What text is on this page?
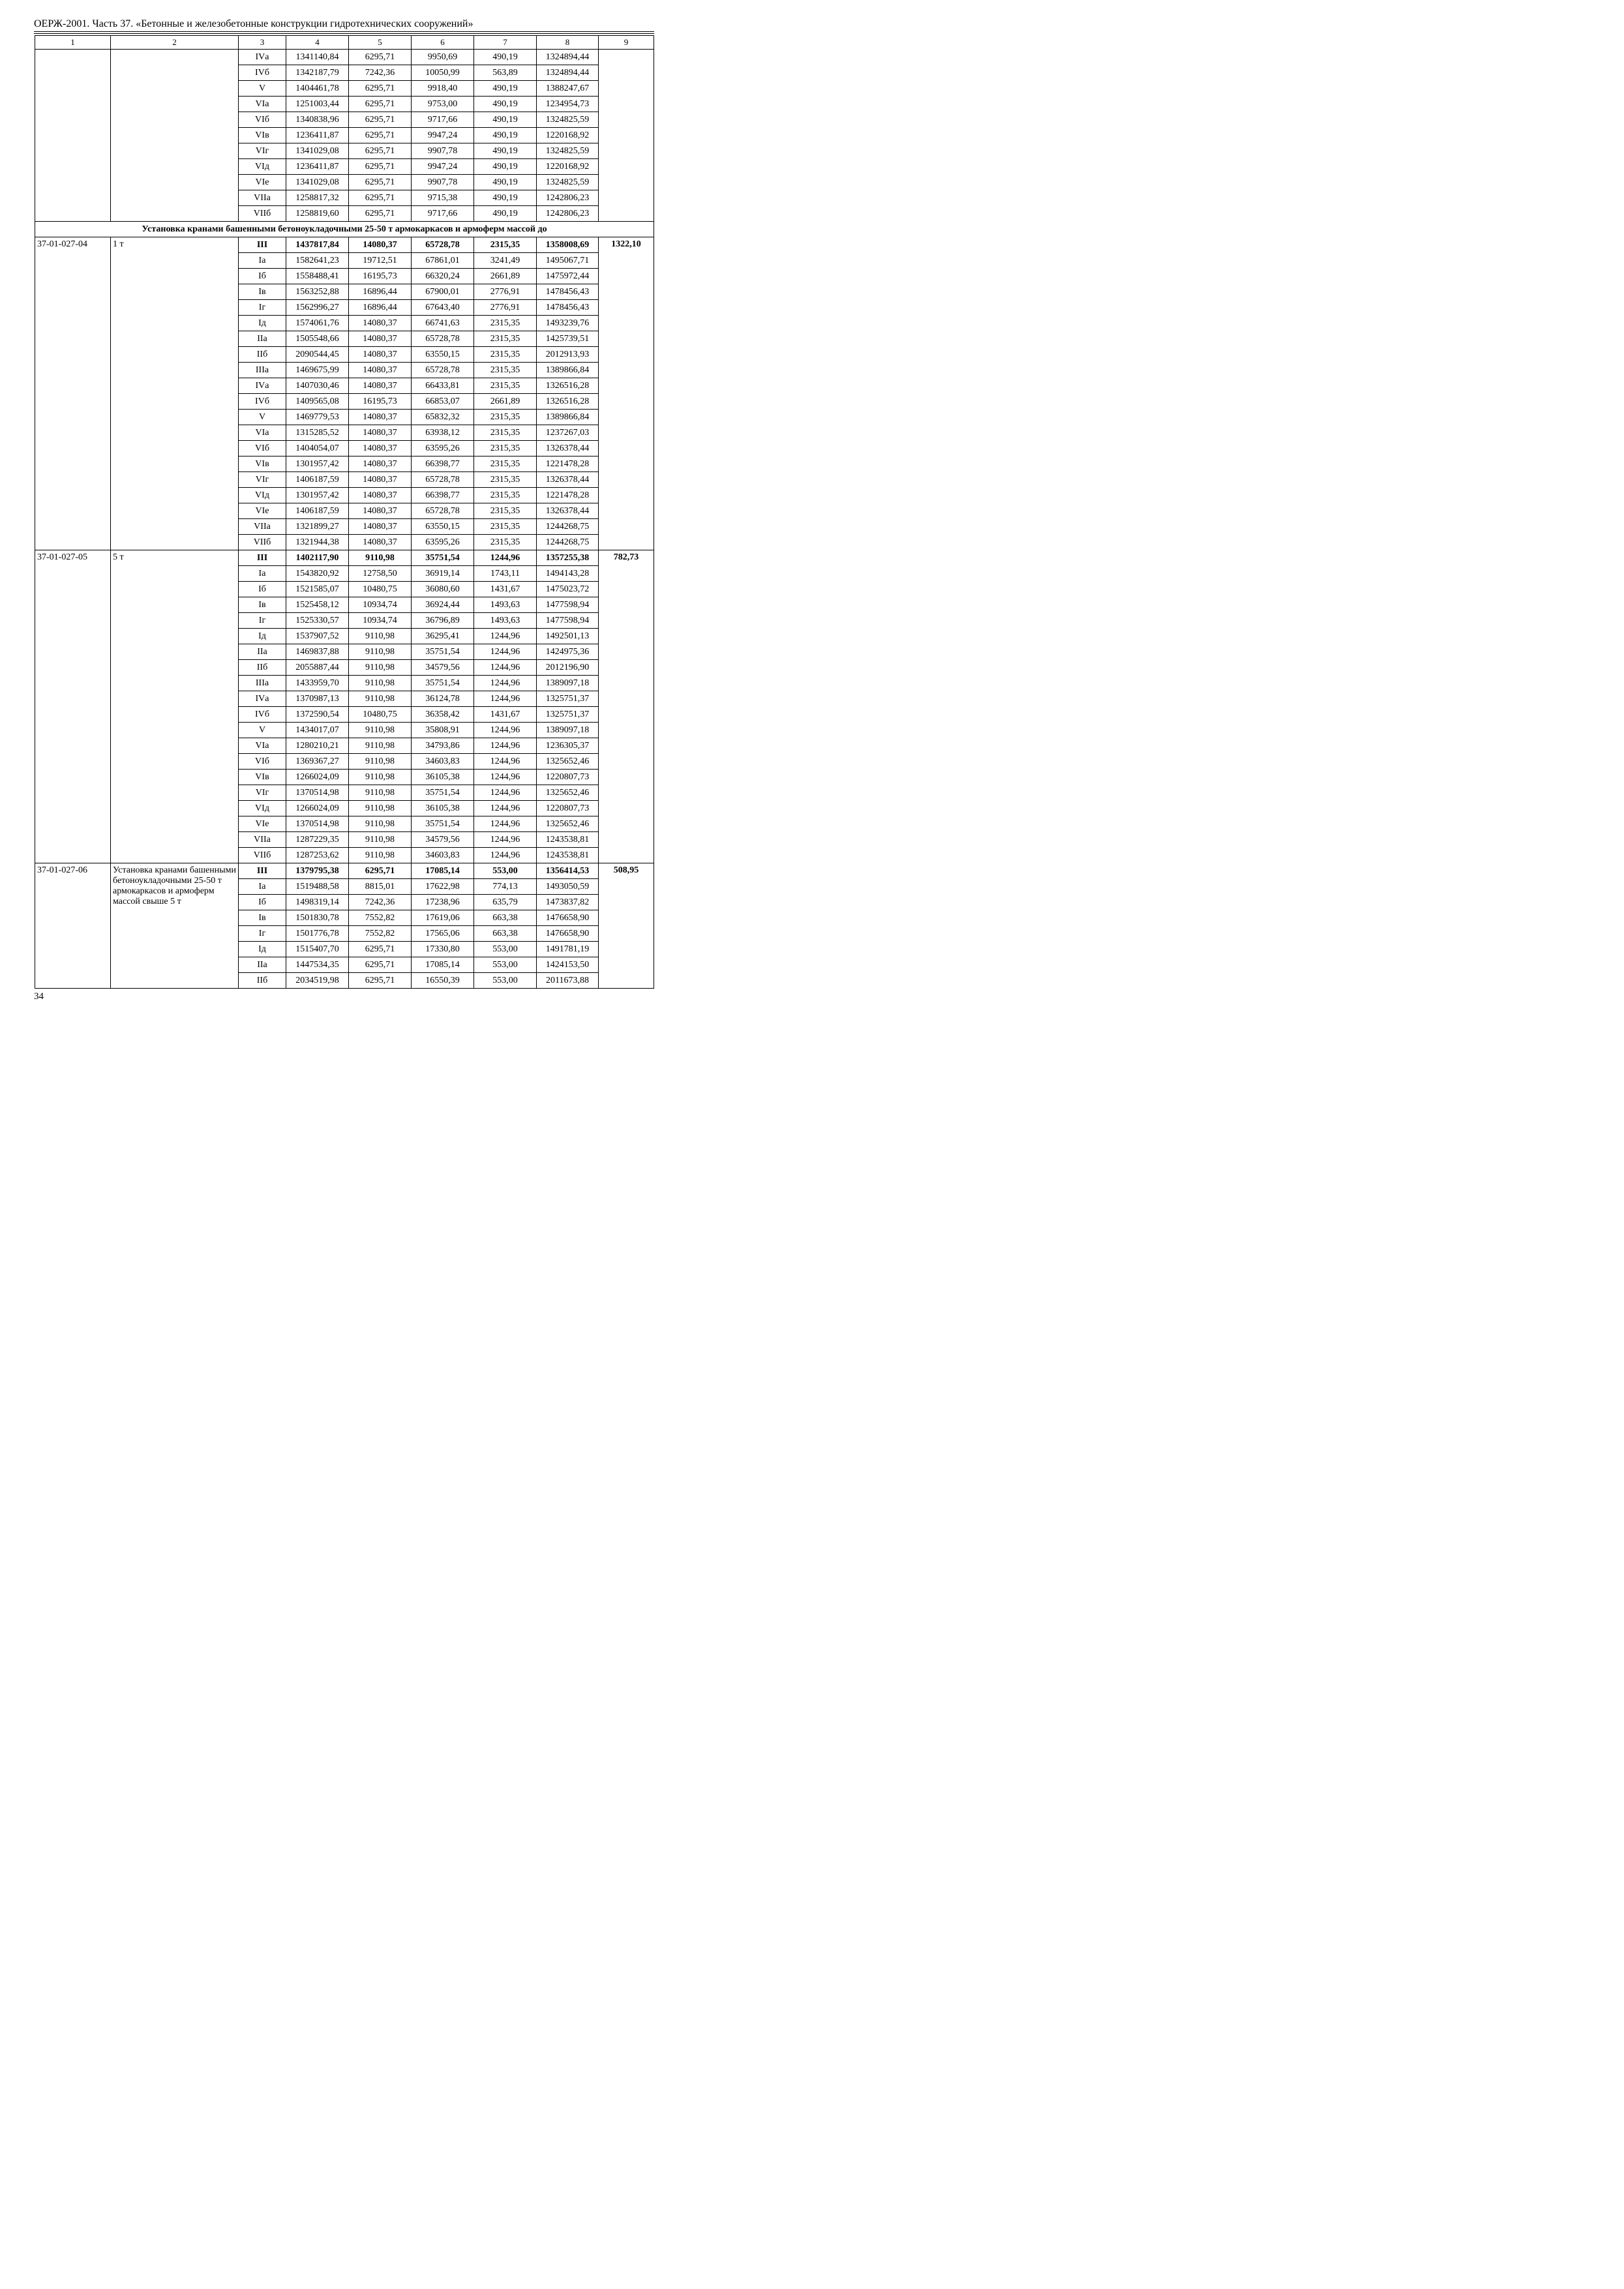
ОЕРЖ-2001. Часть 37. «Бетонные и железобетонные конструкции гидротехнических сооружений»
1	2	3	4	5	6	7	8	9
		IVа	1341140,84	6295,71	9950,69	490,19	1324894,44	
		IVб	1342187,79	7242,36	10050,99	563,89	1324894,44	
		V	1404461,78	6295,71	9918,40	490,19	1388247,67	
		VIа	1251003,44	6295,71	9753,00	490,19	1234954,73	
		VIб	1340838,96	6295,71	9717,66	490,19	1324825,59	
		VIв	1236411,87	6295,71	9947,24	490,19	1220168,92	
		VIг	1341029,08	6295,71	9907,78	490,19	1324825,59	
		VIд	1236411,87	6295,71	9947,24	490,19	1220168,92	
		VIе	1341029,08	6295,71	9907,78	490,19	1324825,59	
		VIIа	1258817,32	6295,71	9715,38	490,19	1242806,23	
		VIIб	1258819,60	6295,71	9717,66	490,19	1242806,23	
Установка кранами башенными бетоноукладочными 25-50 т армокаркасов и армоферм массой до								
37-01-027-04	1 т	III	1437817,84	14080,37	65728,78	2315,35	1358008,69	1322,10
		Iа	1582641,23	19712,51	67861,01	3241,49	1495067,71	
		Iб	1558488,41	16195,73	66320,24	2661,89	1475972,44	
		Iв	1563252,88	16896,44	67900,01	2776,91	1478456,43	
		Iг	1562996,27	16896,44	67643,40	2776,91	1478456,43	
		Iд	1574061,76	14080,37	66741,63	2315,35	1493239,76	
		IIа	1505548,66	14080,37	65728,78	2315,35	1425739,51	
		IIб	2090544,45	14080,37	63550,15	2315,35	2012913,93	
		IIIа	1469675,99	14080,37	65728,78	2315,35	1389866,84	
		IVа	1407030,46	14080,37	66433,81	2315,35	1326516,28	
		IVб	1409565,08	16195,73	66853,07	2661,89	1326516,28	
		V	1469779,53	14080,37	65832,32	2315,35	1389866,84	
		VIа	1315285,52	14080,37	63938,12	2315,35	1237267,03	
		VIб	1404054,07	14080,37	63595,26	2315,35	1326378,44	
		VIв	1301957,42	14080,37	66398,77	2315,35	1221478,28	
		VIг	1406187,59	14080,37	65728,78	2315,35	1326378,44	
		VIд	1301957,42	14080,37	66398,77	2315,35	1221478,28	
		VIе	1406187,59	14080,37	65728,78	2315,35	1326378,44	
		VIIа	1321899,27	14080,37	63550,15	2315,35	1244268,75	
		VIIб	1321944,38	14080,37	63595,26	2315,35	1244268,75	
37-01-027-05	5 т	III	1402117,90	9110,98	35751,54	1244,96	1357255,38	782,73
		Iа	1543820,92	12758,50	36919,14	1743,11	1494143,28	
		Iб	1521585,07	10480,75	36080,60	1431,67	1475023,72	
		Iв	1525458,12	10934,74	36924,44	1493,63	1477598,94	
		Iг	1525330,57	10934,74	36796,89	1493,63	1477598,94	
		Iд	1537907,52	9110,98	36295,41	1244,96	1492501,13	
		IIа	1469837,88	9110,98	35751,54	1244,96	1424975,36	
		IIб	2055887,44	9110,98	34579,56	1244,96	2012196,90	
		IIIа	1433959,70	9110,98	35751,54	1244,96	1389097,18	
		IVа	1370987,13	9110,98	36124,78	1244,96	1325751,37	
		IVб	1372590,54	10480,75	36358,42	1431,67	1325751,37	
		V	1434017,07	9110,98	35808,91	1244,96	1389097,18	
		VIа	1280210,21	9110,98	34793,86	1244,96	1236305,37	
		VIб	1369367,27	9110,98	34603,83	1244,96	1325652,46	
		VIв	1266024,09	9110,98	36105,38	1244,96	1220807,73	
		VIг	1370514,98	9110,98	35751,54	1244,96	1325652,46	
		VIд	1266024,09	9110,98	36105,38	1244,96	1220807,73	
		VIе	1370514,98	9110,98	35751,54	1244,96	1325652,46	
		VIIа	1287229,35	9110,98	34579,56	1244,96	1243538,81	
		VIIб	1287253,62	9110,98	34603,83	1244,96	1243538,81	
37-01-027-06	Установка кранами башенными бетоноукладочными 25-50 т армокаркасов и армоферм массой свыше 5 т	III	1379795,38	6295,71	17085,14	553,00	1356414,53	508,95
		Iа	1519488,58	8815,01	17622,98	774,13	1493050,59	
		Iб	1498319,14	7242,36	17238,96	635,79	1473837,82	
		Iв	1501830,78	7552,82	17619,06	663,38	1476658,90	
		Iг	1501776,78	7552,82	17565,06	663,38	1476658,90	
		Iд	1515407,70	6295,71	17330,80	553,00	1491781,19	
		IIа	1447534,35	6295,71	17085,14	553,00	1424153,50	
		IIб	2034519,98	6295,71	16550,39	553,00	2011673,88	
34
